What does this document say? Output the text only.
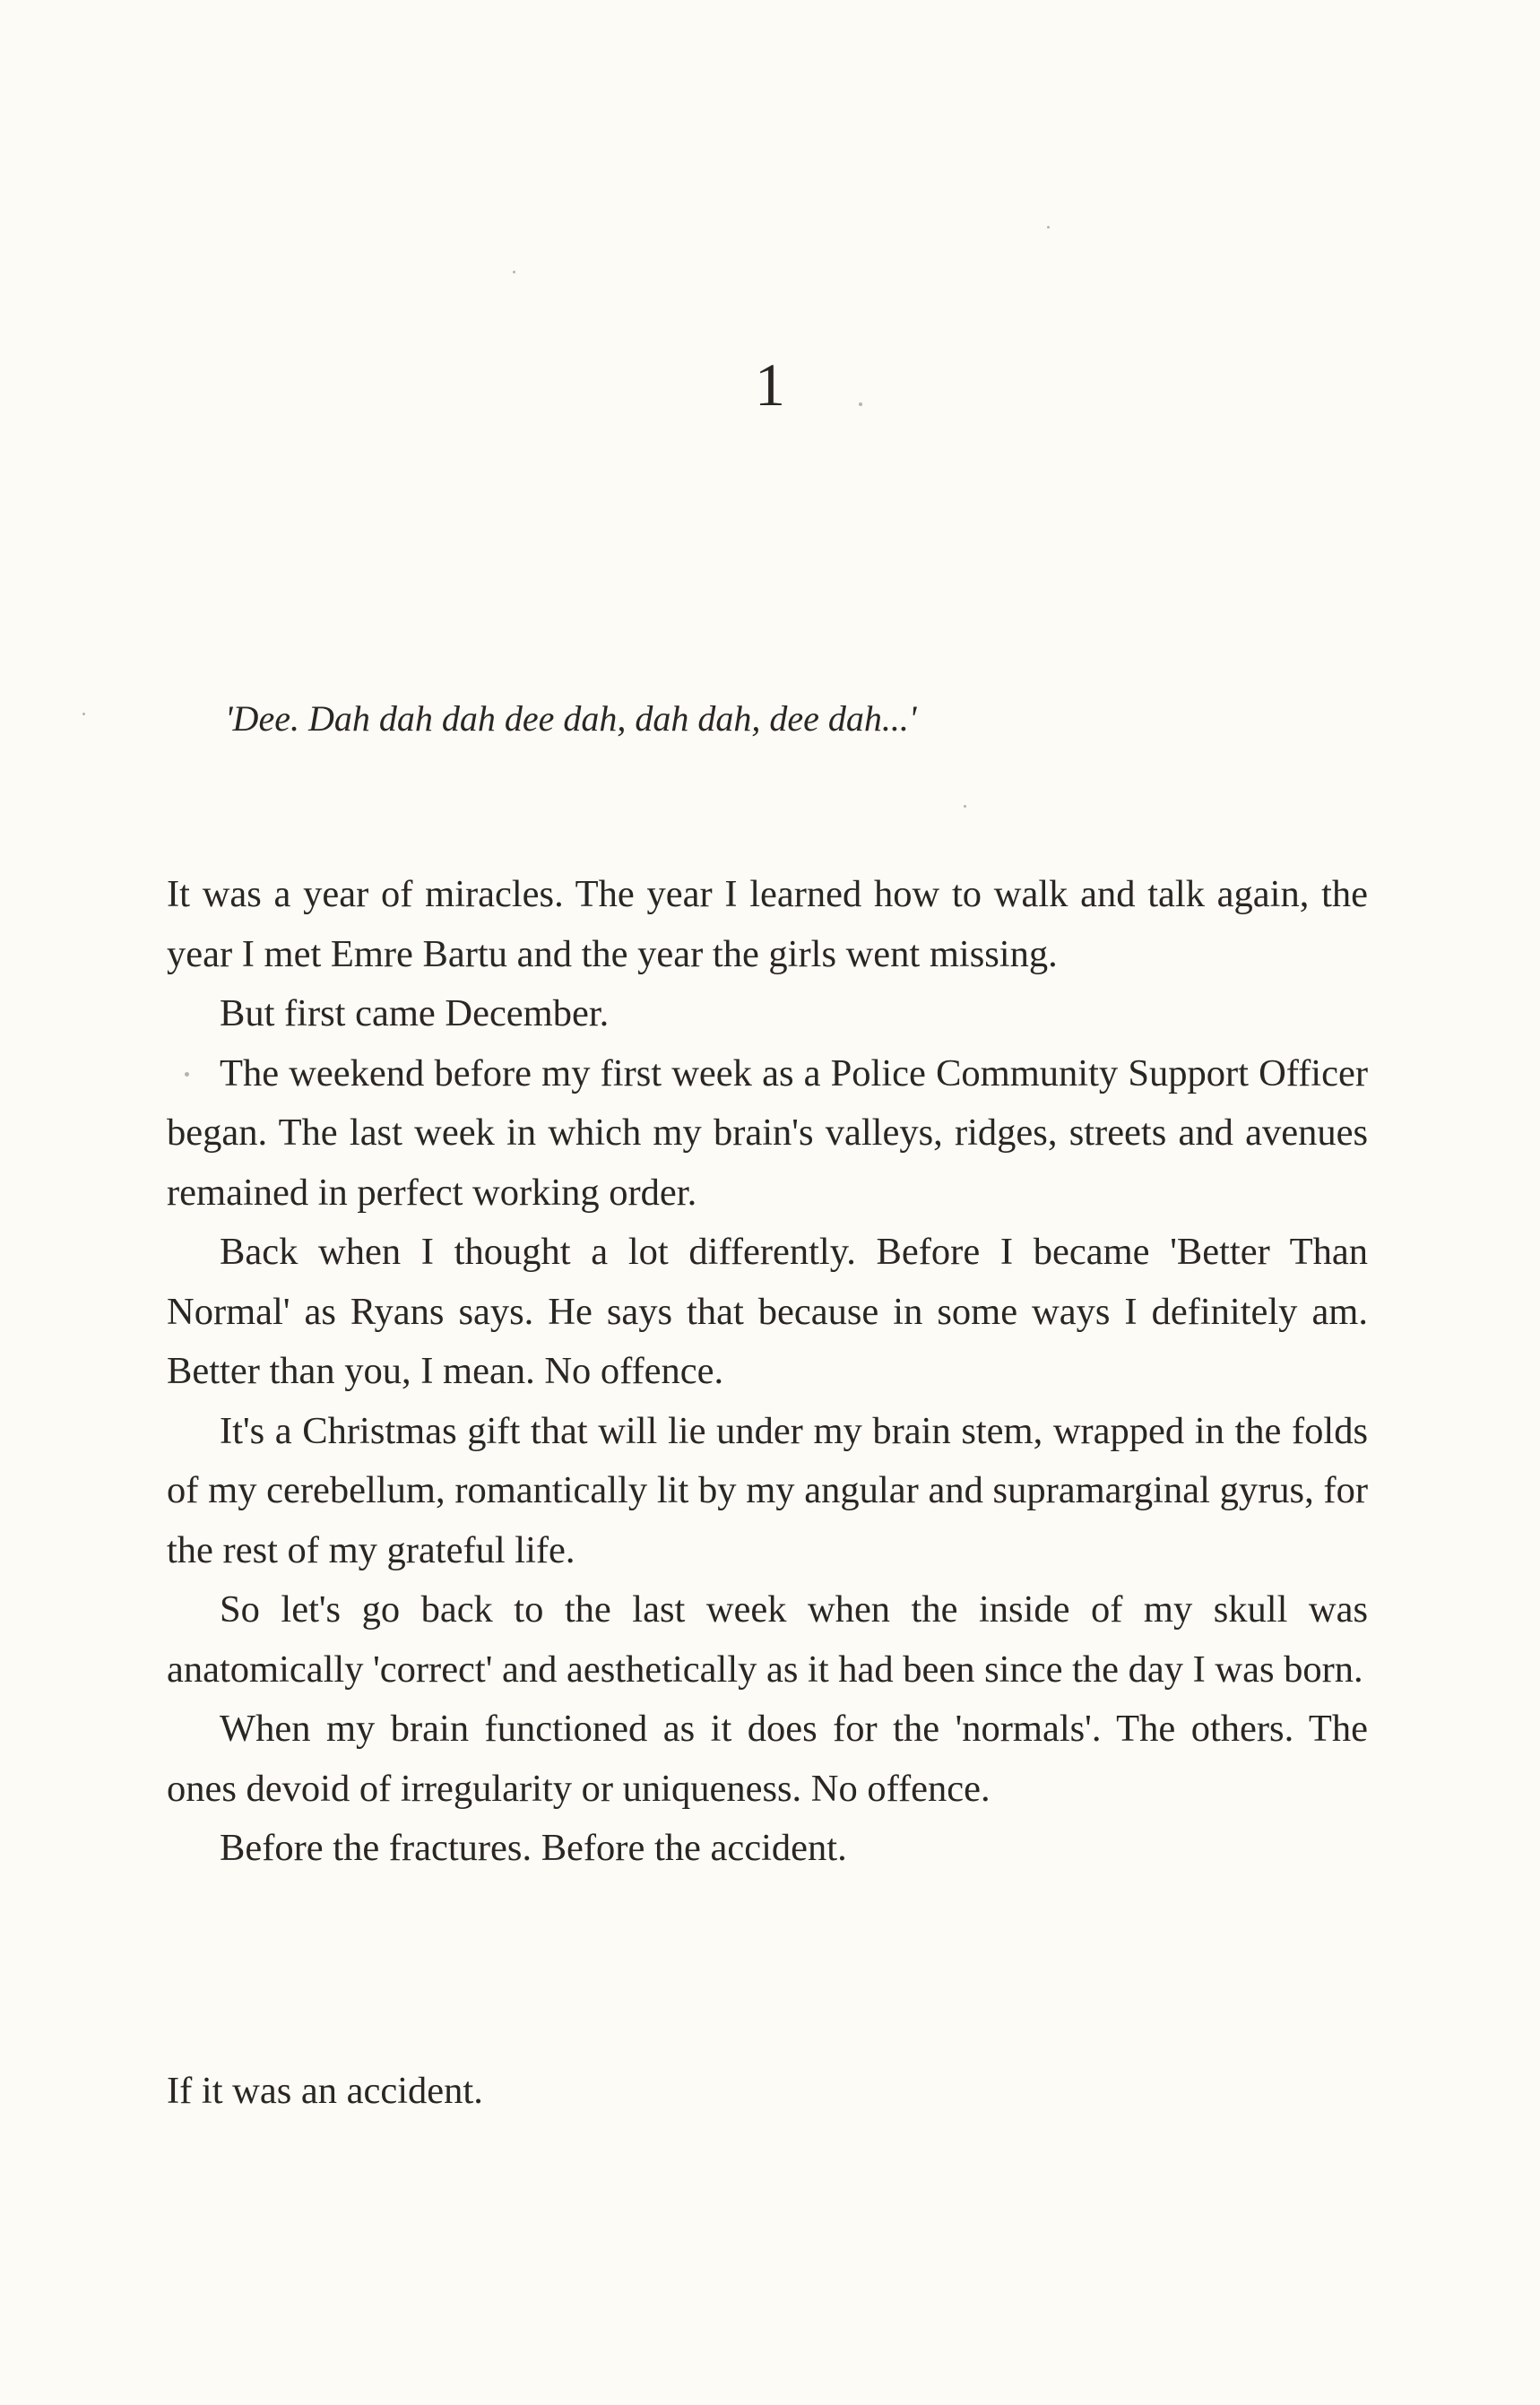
1
'Dee. Dah dah dah dee dah, dah dah, dee dah...'

It was a year of miracles. The year I learned how to walk and talk again, the year I met Emre Bartu and the year the girls went missing.

But first came December.

The weekend before my first week as a Police Community Support Officer began. The last week in which my brain's valleys, ridges, streets and avenues remained in perfect working order.

Back when I thought a lot differently. Before I became 'Better Than Normal' as Ryans says. He says that because in some ways I definitely am. Better than you, I mean. No offence.

It's a Christmas gift that will lie under my brain stem, wrapped in the folds of my cerebellum, romantically lit by my angular and supramarginal gyrus, for the rest of my grateful life.

So let's go back to the last week when the inside of my skull was anatomically 'correct' and aesthetically as it had been since the day I was born.

When my brain functioned as it does for the 'normals'. The others. The ones devoid of irregularity or uniqueness. No offence.

Before the fractures. Before the accident.

If it was an accident.
